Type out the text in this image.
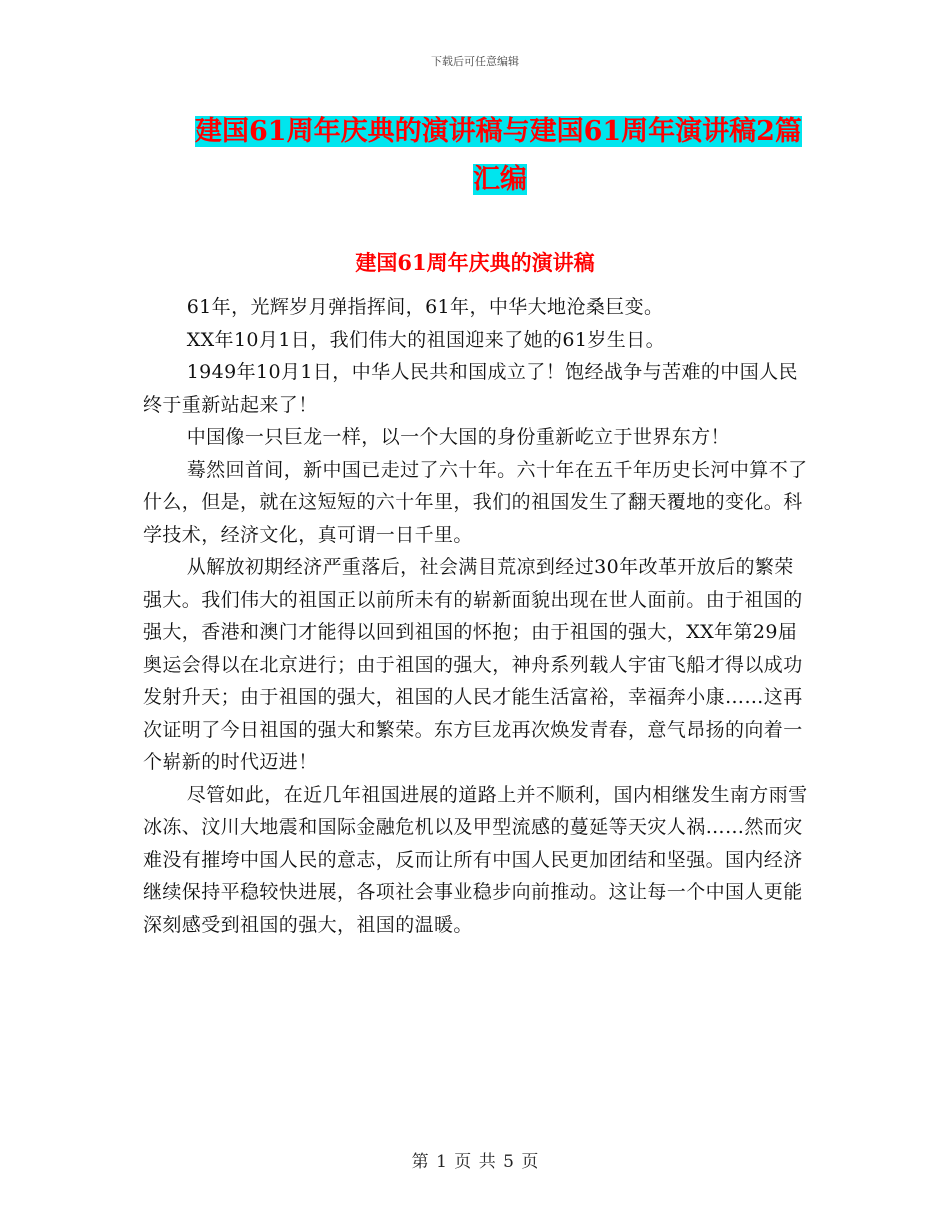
下载后可任意编辑
建国61周年庆典的演讲稿与建国61周年演讲稿2篇
汇编
建国61周年庆典的演讲稿

61年，光辉岁月弹指挥间，61年，中华大地沧桑巨变。

XX年10月1日，我们伟大的祖国迎来了她的61岁生日。

1949年10月1日，中华人民共和国成立了！饱经战争与苦难的中国人民终于重新站起来了！

中国像一只巨龙一样，以一个大国的身份重新屹立于世界东方！

蓦然回首间，新中国已走过了六十年。六十年在五千年历史长河中算不了什么，但是，就在这短短的六十年里，我们的祖国发生了翻天覆地的变化。科学技术，经济文化，真可谓一日千里。

从解放初期经济严重落后，社会满目荒凉到经过30年改革开放后的繁荣强大。我们伟大的祖国正以前所未有的崭新面貌出现在世人面前。由于祖国的强大，香港和澳门才能得以回到祖国的怀抱；由于祖国的强大，XX年第29届奥运会得以在北京进行；由于祖国的强大，神舟系列载人宇宙飞船才得以成功发射升天；由于祖国的强大，祖国的人民才能生活富裕，幸福奔小康……这再次证明了今日祖国的强大和繁荣。东方巨龙再次焕发青春，意气昂扬的向着一个崭新的时代迈进！

尽管如此，在近几年祖国进展的道路上并不顺利，国内相继发生南方雨雪冰冻、汶川大地震和国际金融危机以及甲型流感的蔓延等天灾人祸……然而灾难没有摧垮中国人民的意志，反而让所有中国人民更加团结和坚强。国内经济继续保持平稳较快进展，各项社会事业稳步向前推动。这让每一个中国人更能深刻感受到祖国的强大，祖国的温暖。

第 1 页 共 5 页
